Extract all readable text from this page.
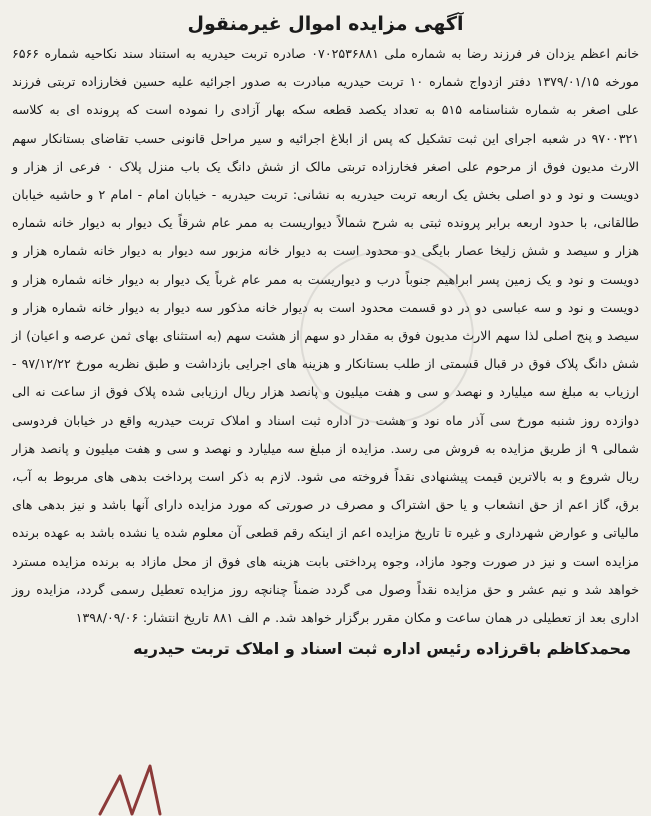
آگهی مزایده اموال غیرمنقول

خانم اعظم یزدان فر فرزند رضا به شماره ملی ۰۷۰۲۵۳۶۸۸۱ صادره تربت حیدریه به استناد سند نکاحیه شماره ۶۵۶۶ مورخه ۱۳۷۹/۰۱/۱۵ دفتر ازدواج شماره ۱۰ تربت حیدریه مبادرت به صدور اجرائیه علیه حسین فخارزاده تربتی فرزند علی اصغر به شماره شناسنامه ۵۱۵ به تعداد یکصد قطعه سکه بهار آزادی را نموده است که پرونده ای به کلاسه ۹۷۰۰۳۲۱ در شعبه اجرای این ثبت تشکیل که پس از ابلاغ اجرائیه و سیر مراحل قانونی حسب تقاضای بستانکار سهم الارث مدیون فوق از مرحوم علی اصغر فخارزاده تربتی مالک از شش دانگ یک باب منزل پلاک ۰ فرعی از هزار و دویست و نود و دو اصلی بخش یک اربعه تربت حیدریه به نشانی: تربت حیدریه - خیابان امام - امام ۲ و حاشیه خیابان طالقانی، با حدود اربعه برابر پرونده ثبتی به شرح شمالاً دیواریست به ممر عام شرقاً یک دیوار به دیوار خانه شماره هزار و سیصد و شش زلیخا عصار بایگی دو محدود است به دیوار خانه مزبور سه دیوار به دیوار خانه شماره هزار و دویست و نود و یک زمین پسر ابراهیم جنوباً درب و دیواریست به ممر عام غرباً یک دیوار به دیوار خانه شماره هزار و دویست و نود و سه عباسی دو در دو قسمت محدود است به دیوار خانه مذکور سه دیوار به دیوار خانه شماره هزار و سیصد و پنج اصلی لذا سهم الارث مدیون فوق به مقدار دو سهم از هشت سهم (به استثنای بهای ثمن عرصه و اعیان) از شش دانگ پلاک فوق در قبال قسمتی از طلب بستانکار و هزینه های اجرایی بازداشت و طبق نظریه مورخ ۹۷/۱۲/۲۲ - ارزیاب به مبلغ سه میلیارد و نهصد و سی و هفت میلیون و پانصد هزار ریال ارزیابی شده پلاک فوق از ساعت نه الی دوازده روز شنبه مورخ سی آذر ماه نود و هشت در اداره ثبت اسناد و املاک تربت حیدریه واقع در خیابان فردوسی شمالی ۹ از طریق مزایده به فروش می رسد. مزایده از مبلغ سه میلیارد و نهصد و سی و هفت میلیون و پانصد هزار ریال شروع و به بالاترین قیمت پیشنهادی نقداً فروخته می شود. لازم به ذکر است پرداخت بدهی های مربوط به آب، برق، گاز اعم از حق انشعاب و یا حق اشتراک و مصرف در صورتی که مورد مزایده دارای آنها باشد و نیز بدهی های مالیاتی و عوارض شهرداری و غیره تا تاریخ مزایده اعم از اینکه رقم قطعی آن معلوم شده یا نشده باشد به عهده برنده مزایده است و نیز در صورت وجود مازاد، وجوه پرداختی بابت هزینه های فوق از محل مازاد به برنده مزایده مسترد خواهد شد و نیم عشر و حق مزایده نقداً وصول می گردد ضمناً چنانچه روز مزایده تعطیل رسمی گردد، مزایده روز اداری بعد از تعطیلی در همان ساعت و مکان مقرر برگزار خواهد شد. م الف ۸۸۱ تاریخ انتشار: ۱۳۹۸/۰۹/۰۶

محمدکاظم باقرزاده رئیس اداره ثبت اسناد و املاک تربت حیدریه
